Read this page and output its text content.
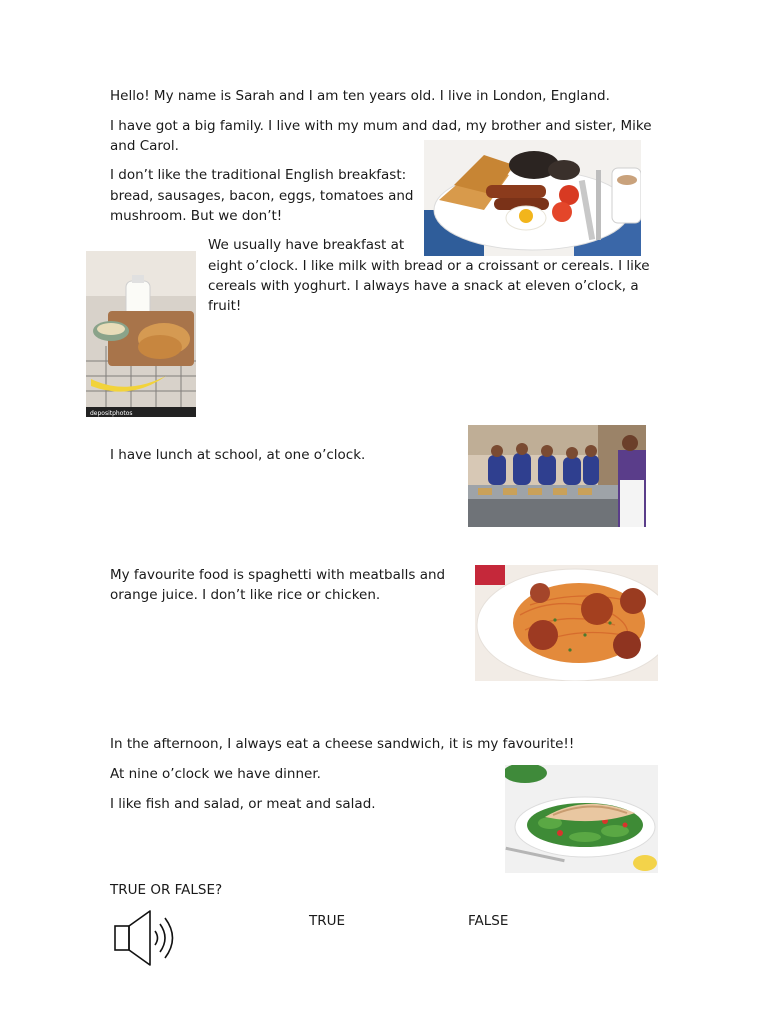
Hello! My name is Sarah and I am ten years old. I live in London, England.
I have got a big family. I live with my mum and dad, my brother and sister, Mike
and Carol.
I don’t like the traditional English breakfast:
bread, sausages, bacon, eggs, tomatoes and
mushroom. But we don’t!
We usually have breakfast at
eight o’clock. I like milk with bread or a croissant or cereals. I like
cereals with yoghurt. I always have a snack at eleven o’clock, a
fruit!
I have lunch at school, at one o’clock.
My favourite food is spaghetti with meatballs and
orange juice. I don’t like rice or chicken.
In the afternoon, I always eat a cheese sandwich, it is my favourite!!
At nine o’clock we have dinner.
I like fish and salad, or meat and salad.
TRUE OR FALSE?
TRUE	FALSE
depositphotos
